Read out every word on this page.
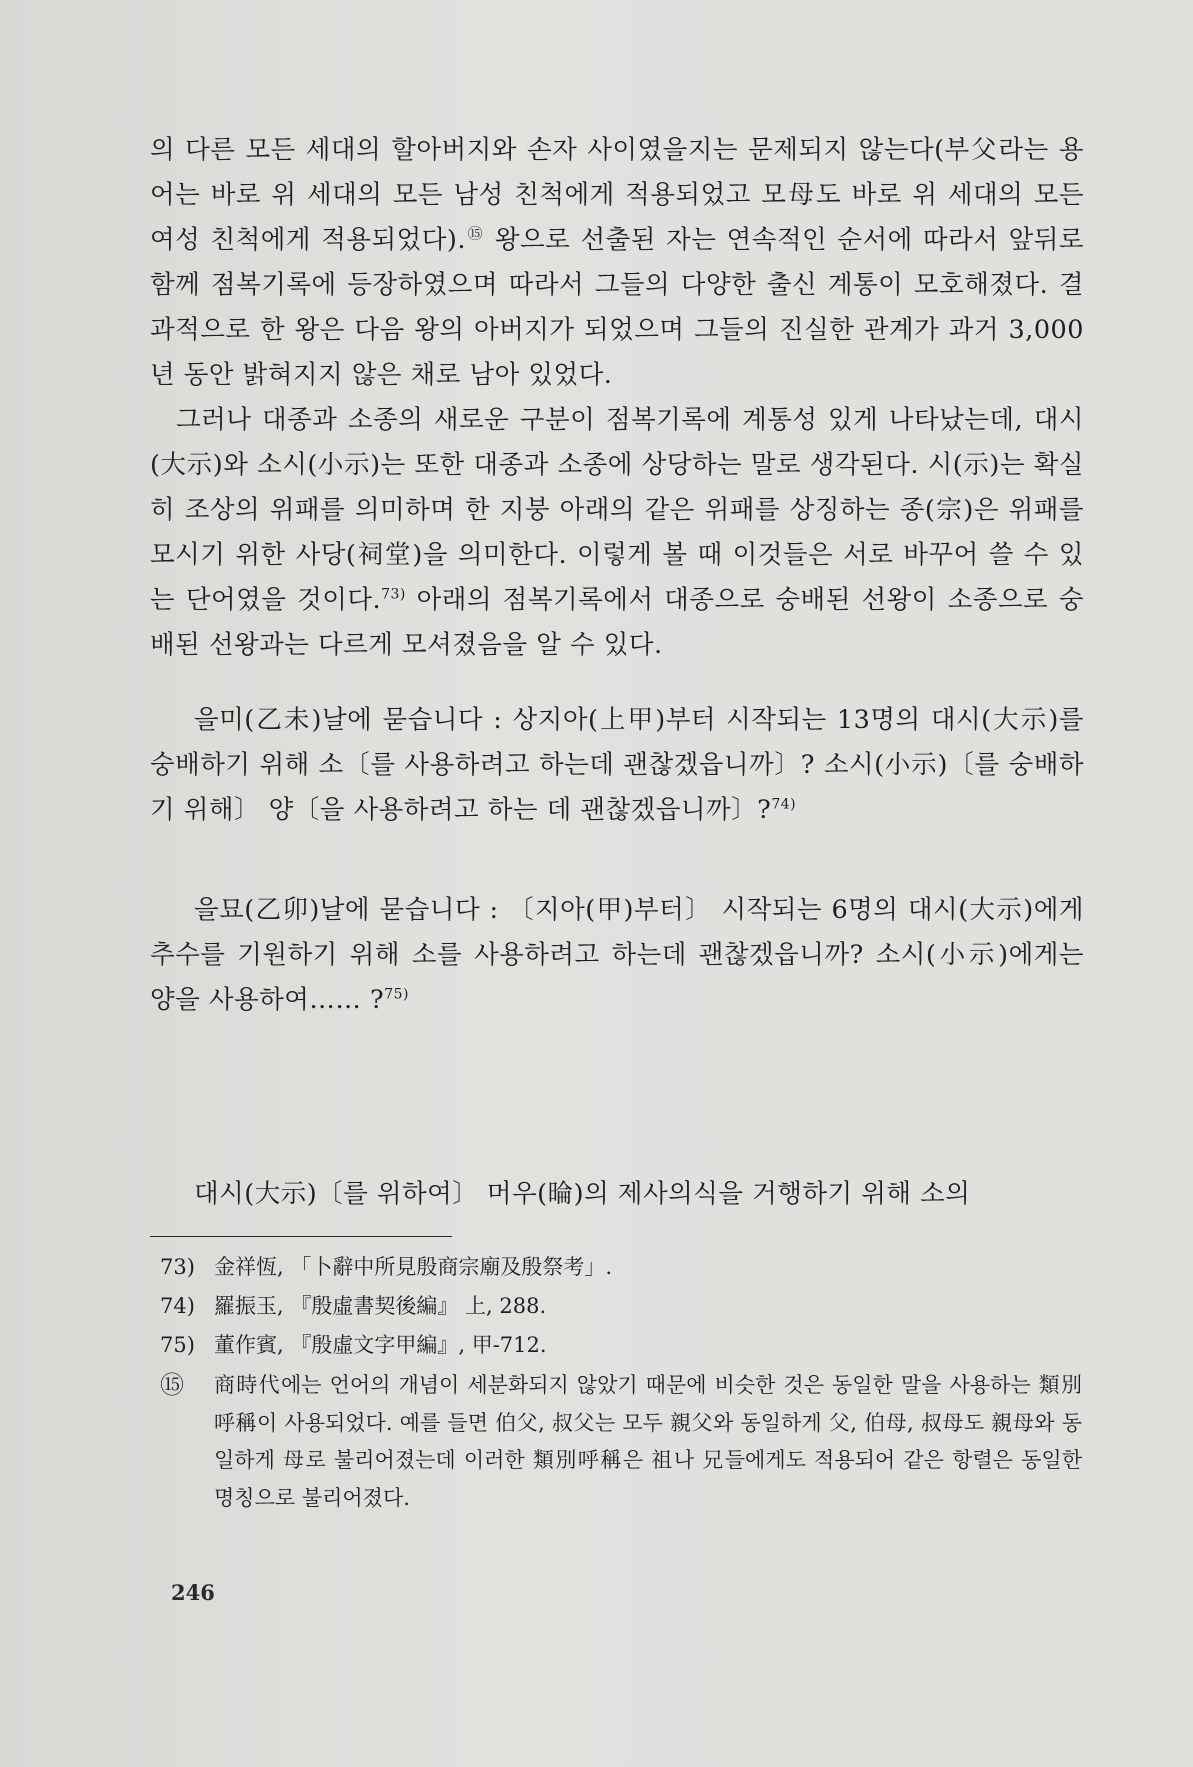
의 다른 모든 세대의 할아버지와 손자 사이였을지는 문제되지 않는다(부父라는 용어는 바로 위 세대의 모든 남성 친척에게 적용되었고 모母도 바로 위 세대의 모든 여성 친척에게 적용되었다).⑮ 왕으로 선출된 자는 연속적인 순서에 따라서 앞뒤로 함께 점복기록에 등장하였으며 따라서 그들의 다양한 출신 계통이 모호해졌다. 결과적으로 한 왕은 다음 왕의 아버지가 되었으며 그들의 진실한 관계가 과거 3,000년 동안 밝혀지지 않은 채로 남아 있었다.

그러나 대종과 소종의 새로운 구분이 점복기록에 계통성 있게 나타났는데, 대시(大示)와 소시(小示)는 또한 대종과 소종에 상당하는 말로 생각된다. 시(示)는 확실히 조상의 위패를 의미하며 한 지붕 아래의 같은 위패를 상징하는 종(宗)은 위패를 모시기 위한 사당(祠堂)을 의미한다. 이렇게 볼 때 이것들은 서로 바꾸어 쓸 수 있는 단어였을 것이다.$^{73)}$ 아래의 점복기록에서 대종으로 숭배된 선왕이 소종으로 숭배된 선왕과는 다르게 모셔졌음을 알 수 있다.

을미(乙未)날에 묻습니다 : 상지아(上甲)부터 시작되는 13명의 대시(大示)를 숭배하기 위해 소〔를 사용하려고 하는데 괜찮겠읍니까〕? 소시(小示)〔를 숭배하기 위해〕 양〔을 사용하려고 하는 데 괜찮겠읍니까〕?$^{74)}$

을묘(乙卯)날에 묻습니다 : 〔지아(甲)부터〕 시작되는 6명의 대시(大示)에게 추수를 기원하기 위해 소를 사용하려고 하는데 괜찮겠읍니까? 소시(小示)에게는 양을 사용하여…… ?$^{75)}$

대시(大示)〔를 위하여〕 머우(㫻)의 제사의식을 거행하기 위해 소의

73) 金祥恆, 「卜辭中所見殷商宗廟及殷祭考」.

74) 羅振玉, 『殷虛書契後編』 上, 288.

75) 董作賓, 『殷虛文字甲編』, 甲-712.

⑮ 商時代에는 언어의 개념이 세분화되지 않았기 때문에 비슷한 것은 동일한 말을 사용하는 類別呼稱이 사용되었다. 예를 들면 伯父, 叔父는 모두 親父와 동일하게 父, 伯母, 叔母도 親母와 동일하게 母로 불리어졌는데 이러한 類別呼稱은 祖나 兄들에게도 적용되어 같은 항렬은 동일한 명칭으로 불리어졌다.

246
